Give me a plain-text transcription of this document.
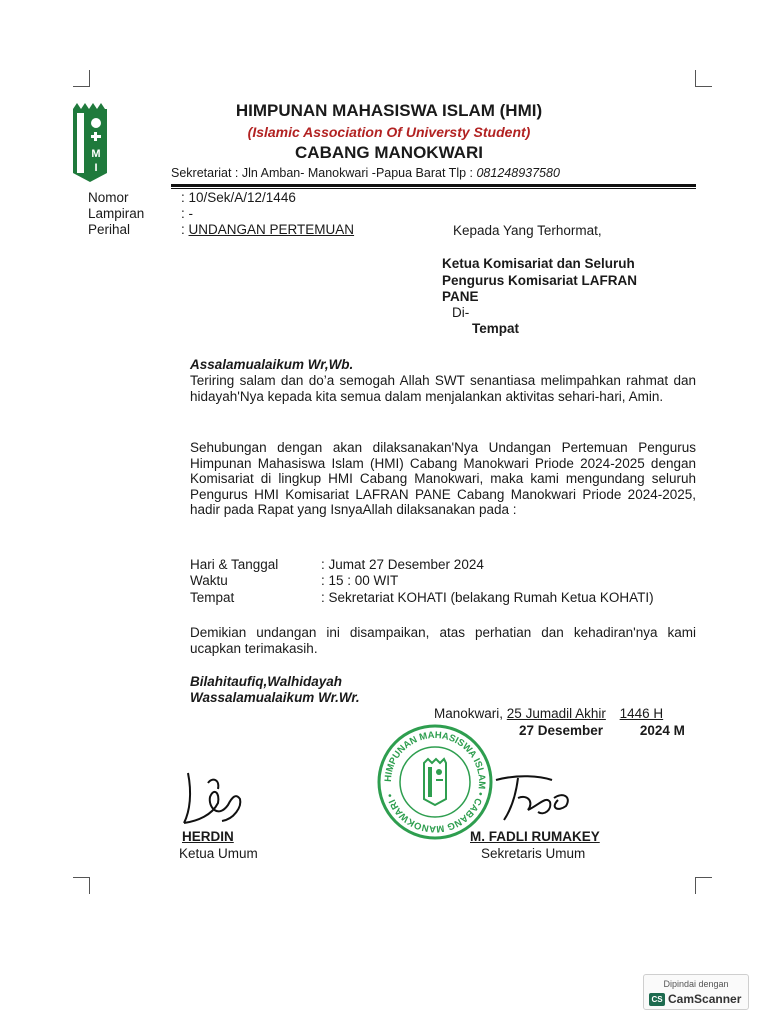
M
I
HIMPUNAN MAHASISWA ISLAM (HMI)
(Islamic Association Of Universty Student)
CABANG MANOKWARI
Sekretariat : Jln Amban- Manokwari -Papua Barat Tlp : 081248937580
Nomor	: 10/Sek/A/12/1446
Lampiran	: -
Perihal	: UNDANGAN PERTEMUAN	Kepada Yang Terhormat,
Ketua Komisariat dan Seluruh
Pengurus Komisariat LAFRAN
PANE
Di-
Tempat
Assalamualaikum Wr,Wb.
Teriring salam dan do’a semogah Allah SWT senantiasa melimpahkan rahmat dan hidayah'Nya kepada kita semua dalam menjalankan aktivitas sehari-hari, Amin.
Sehubungan dengan akan dilaksanakan'Nya Undangan Pertemuan Pengurus Himpunan Mahasiswa Islam (HMI) Cabang Manokwari Priode 2024-2025 dengan Komisariat di lingkup HMI Cabang Manokwari, maka kami mengundang seluruh Pengurus HMI Komisariat LAFRAN PANE Cabang Manokwari Priode 2024-2025, hadir pada Rapat yang IsnyaAllah dilaksanakan pada :
Hari & Tanggal	: Jumat 27 Desember 2024
Waktu	: 15 : 00 WIT
Tempat	: Sekretariat KOHATI (belakang Rumah Ketua KOHATI)
Demikian undangan ini disampaikan, atas perhatian dan kehadiran'nya kami ucapkan terimakasih.
Bilahitaufiq,Walhidayah
Wassalamualaikum Wr.Wr.
Manokwari, 25 Jumadil Akhir 1446 H
27 Desember	2024 M
HIMPUNAN MAHASISWA ISLAM • CABANG MANOKWARI •
HERDIN
Ketua Umum
M. FADLI RUMAKEY
Sekretaris Umum
Dipindai dengan
CS CamScanner
